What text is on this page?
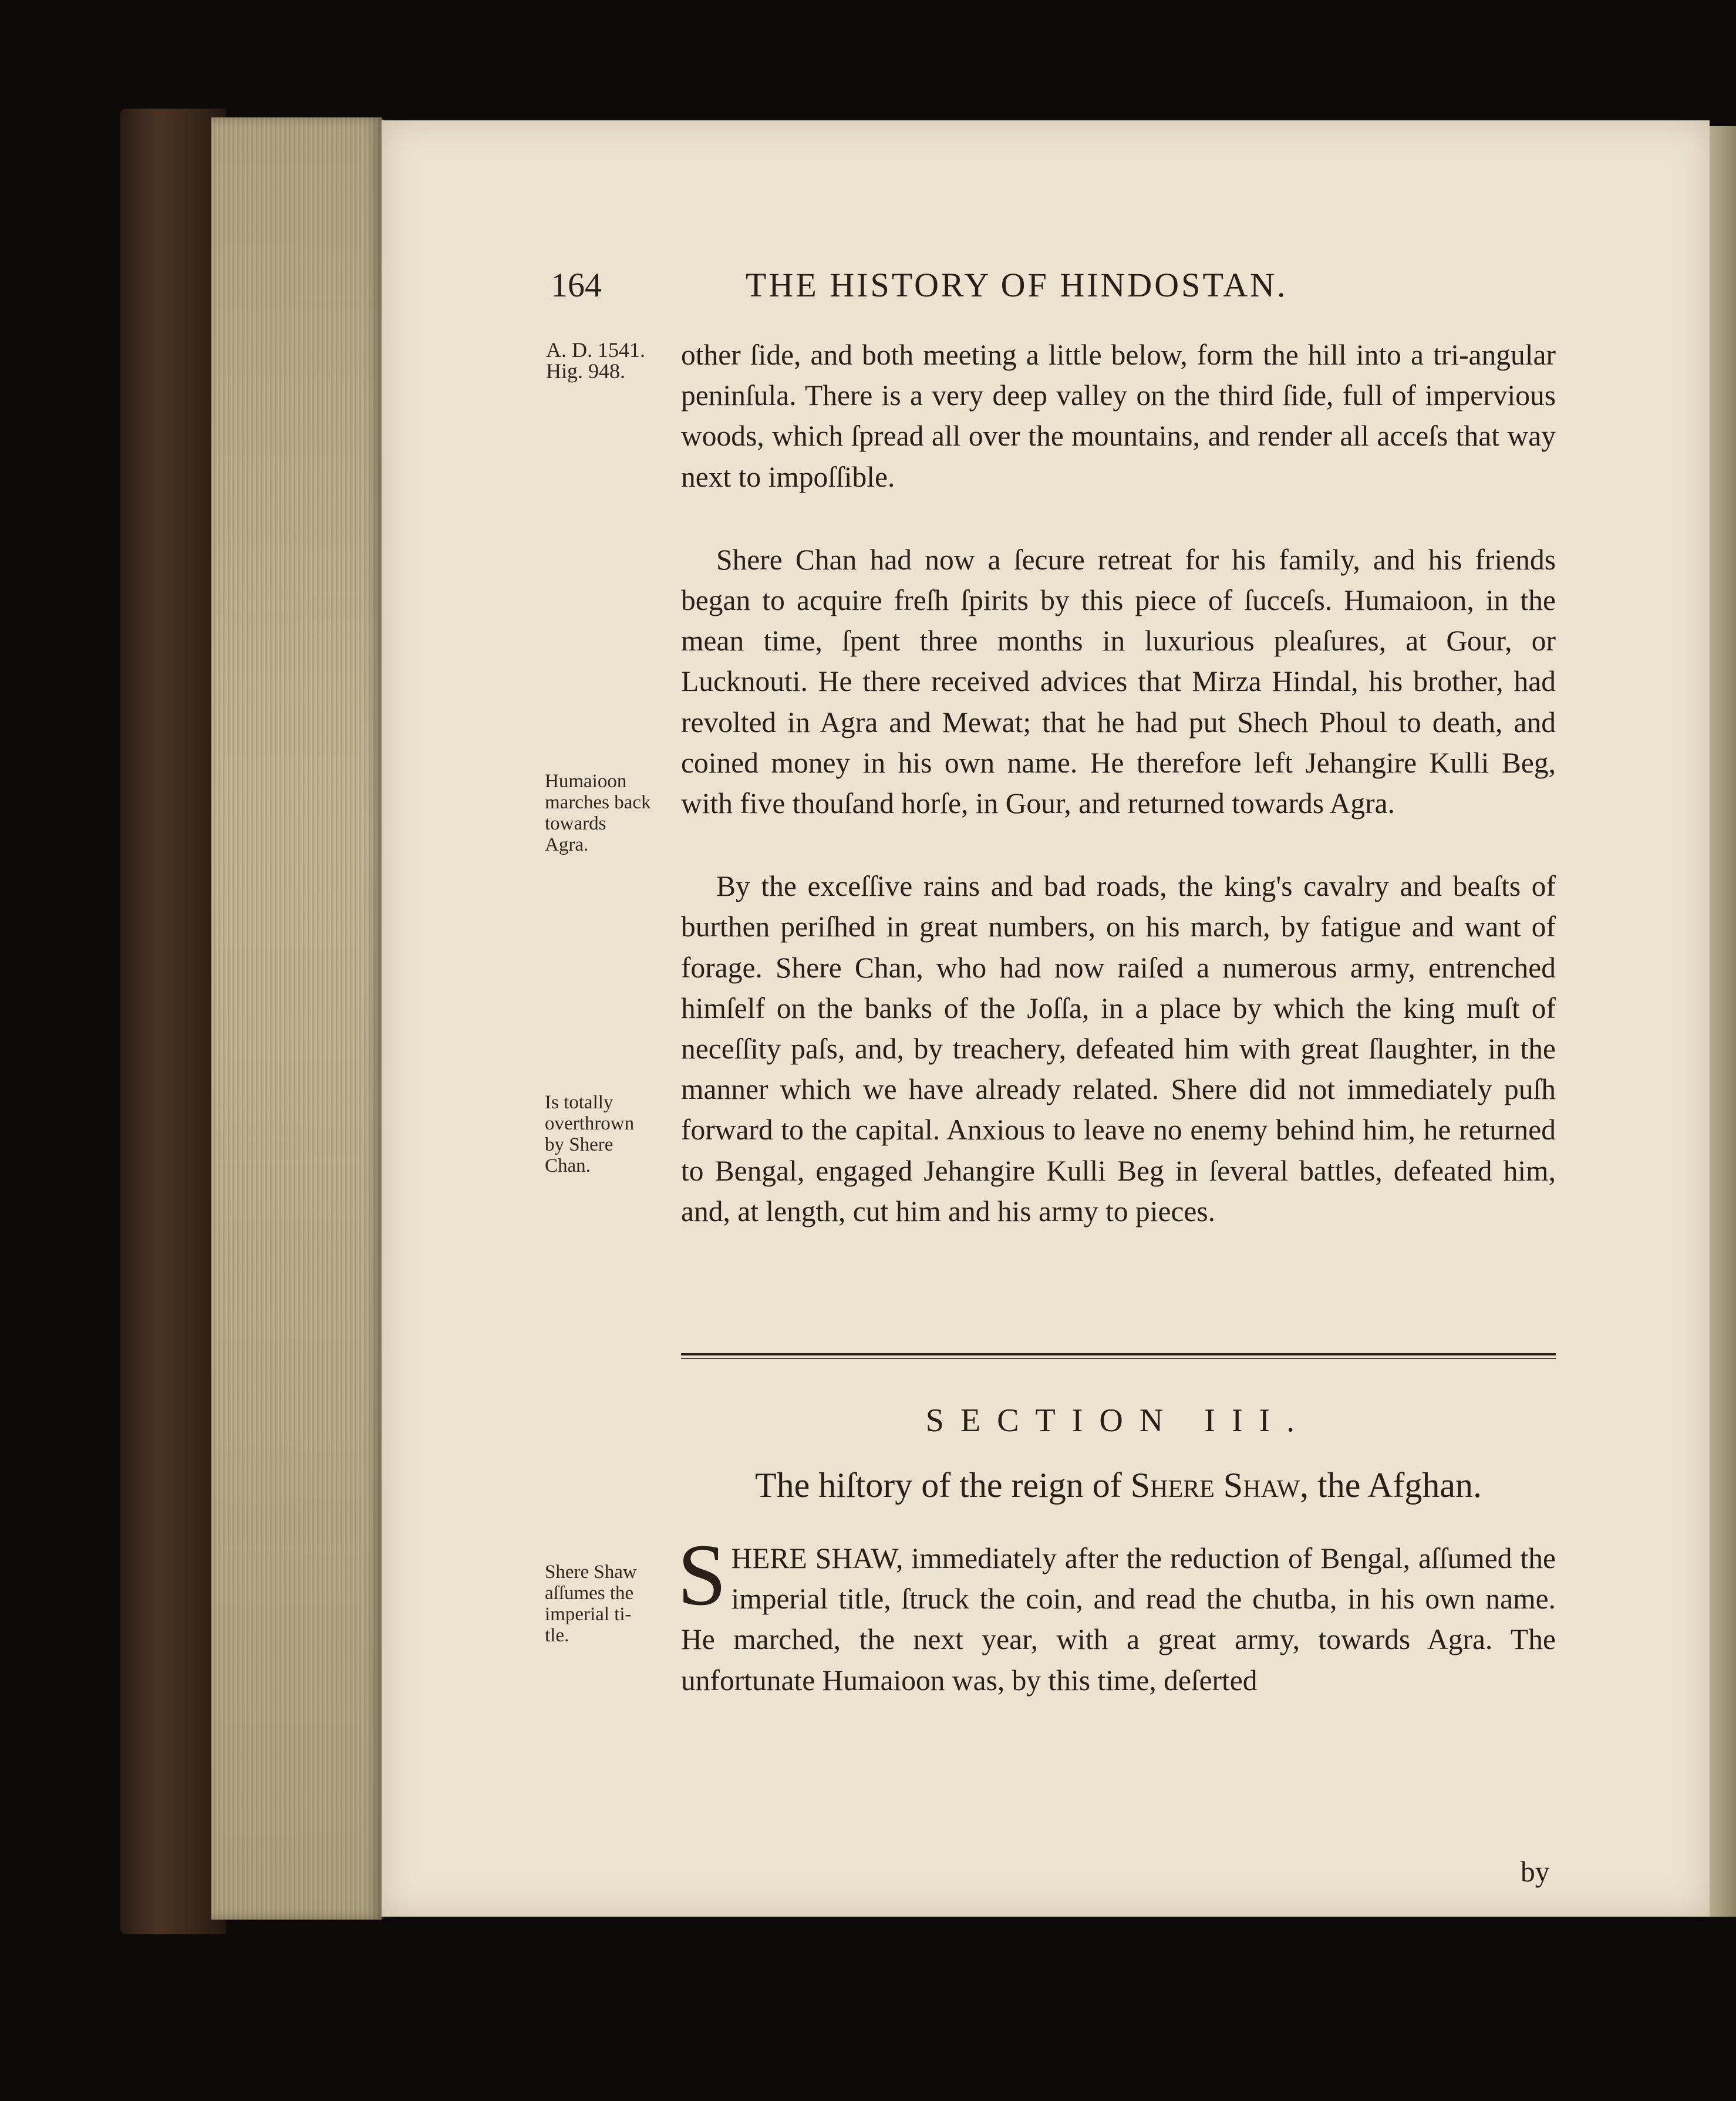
164	THE HISTORY OF HINDOSTAN.
A. D. 1541.
Hig. 948.
Humaioon
marches back
towards
Agra.
Is totally
overthrown
by Shere
Chan.
Shere Shaw
aſſumes the
imperial ti-
tle.

other ſide, and both meeting a little below, form the hill into a tri-angular peninſula. There is a very deep valley on the third ſide, full of impervious woods, which ſpread all over the mountains, and render all acceſs that way next to impoſſible.

Shere Chan had now a ſecure retreat for his family, and his friends began to acquire freſh ſpirits by this piece of ſucceſs. Humaioon, in the mean time, ſpent three months in luxurious pleaſures, at Gour, or Lucknouti. He there received advices that Mirza Hindal, his brother, had revolted in Agra and Mewat; that he had put Shech Phoul to death, and coined money in his own name. He therefore left Jehangire Kulli Beg, with five thouſand horſe, in Gour, and returned towards Agra.

By the exceſſive rains and bad roads, the king's cavalry and beaſts of burthen periſhed in great numbers, on his march, by fatigue and want of forage. Shere Chan, who had now raiſed a numerous army, entrenched himſelf on the banks of the Joſſa, in a place by which the king muſt of neceſſity paſs, and, by treachery, defeated him with great ſlaughter, in the manner which we have already related. Shere did not immediately puſh forward to the capital. Anxious to leave no enemy behind him, he returned to Bengal, engaged Jehangire Kulli Beg in ſeveral battles, defeated him, and, at length, cut him and his army to pieces.

SECTION III.
The hiſtory of the reign of Shere Shaw, the Afghan.
SHERE SHAW, immediately after the reduction of Bengal, aſſumed the imperial title, ſtruck the coin, and read the chutba, in his own name. He marched, the next year, with a great army, towards Agra. The unfortunate Humaioon was, by this time, deſerted
by
